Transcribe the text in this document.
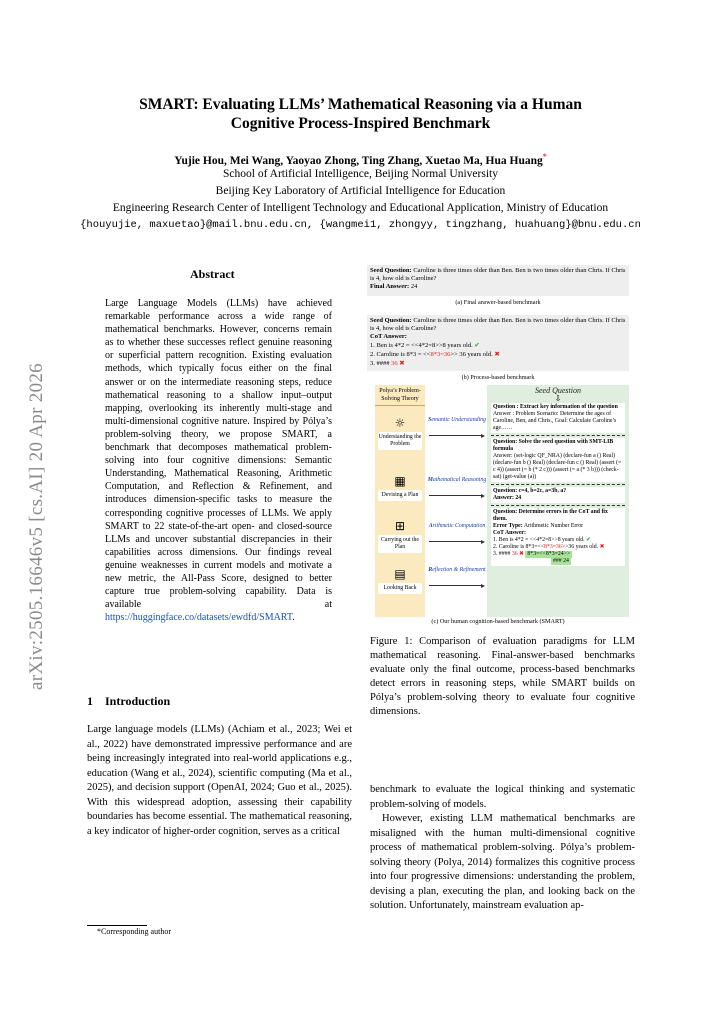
arXiv:2505.16646v5 [cs.AI] 20 Apr 2026
SMART: Evaluating LLMs’ Mathematical Reasoning via a Human
Cognitive Process-Inspired Benchmark
Yujie Hou, Mei Wang, Yaoyao Zhong, Ting Zhang, Xuetao Ma, Hua Huang*
School of Artificial Intelligence, Beijing Normal University
Beijing Key Laboratory of Artificial Intelligence for Education
Engineering Research Center of Intelligent Technology and Educational Application, Ministry of Education
{houyujie, maxuetao}@mail.bnu.edu.cn, {wangmei1, zhongyy, tingzhang, huahuang}@bnu.edu.cn
Abstract
Large Language Models (LLMs) have achieved remarkable performance across a wide range of mathematical benchmarks. However, concerns remain as to whether these successes reflect genuine reasoning or superficial pattern recognition. Existing evaluation methods, which typically focus either on the final answer or on the intermediate reasoning steps, reduce mathematical reasoning to a shallow input–output mapping, overlooking its inherently multi-stage and multi-dimensional cognitive nature. Inspired by Pólya’s problem-solving theory, we propose SMART, a benchmark that decomposes mathematical problem-solving into four cognitive dimensions: Semantic Understanding, Mathematical Reasoning, Arithmetic Computation, and Reflection & Refinement, and introduces dimension-specific tasks to measure the corresponding cognitive processes of LLMs. We apply SMART to 22 state-of-the-art open- and closed-source LLMs and uncover substantial discrepancies in their capabilities across dimensions. Our findings reveal genuine weaknesses in current models and motivate a new metric, the All-Pass Score, designed to better capture true problem-solving capability. Data is available at https://huggingface.co/datasets/ewdfd/SMART.
1 Introduction
Large language models (LLMs) (Achiam et al., 2023; Wei et al., 2022) have demonstrated impressive performance and are being increasingly integrated into real-world applications e.g., education (Wang et al., 2024), scientific computing (Ma et al., 2025), and decision support (OpenAI, 2024; Guo et al., 2025). With this widespread adoption, assessing their capability boundaries has become essential. The mathematical reasoning, a key indicator of higher-order cognition, serves as a critical
*Corresponding author
Seed Question: Caroline is three times older than Ben. Ben is two times older than Chris. If Chris is 4, how old is Caroline?
Final Answer: 24
(a) Final answer-based benchmark
Seed Question: Caroline is three times older than Ben. Ben is two times older than Chris. If Chris is 4, how old is Caroline?
CoT Answer:
1. Ben is 4*2 = <<4*2=8>>8 years old. ✔
2. Caroline is 8*3 = <<8*3=36>> 36 years old. ✖
3. #### 36 ✖
(b) Process-based benchmark
Polya’s Problem-Solving Theory
☼
Understanding the Problem
▦
Devising a Plan
⊞
Carrying out the Plan
▤
Looking Back
Semantic Understanding
Mathematical Reasoning
Arithmetic Computation
Reflection & Refinement
Seed Question
⇩
Question : Extract key information of the question
Answer : Problem Scenario: Determine the ages of Caroline, Ben, and Chris., Goal: Calculate Caroline’s age……
Question: Solve the seed question with SMT-LIB formula
Answer: (set-logic QF_NRA) (declare-fun a () Real) (declare-fun b () Real) (declare-fun c () Real) (assert (= c 4)) (assert (= b (* 2 c))) (assert (= a (* 3 b))) (check-sat) (get-value (a))
Question: c=4, b=2c, a=3b, a?
Answer: 24
Question: Determine errors in the CoT and fix them.
Error Type: Arithmetic Number Error
CoT Answer:
1. Ben is 4*2 = <<4*2=8>>8 years old. ✔
2. Caroline is 8*3=<<8*3=36>>36 years old. ✖
3. #### 36 ✖ 8*3=<<8*3=24>>
### 24
(c) Our human cognition-based benchmark (SMART)
Figure 1: Comparison of evaluation paradigms for LLM mathematical reasoning. Final-answer-based benchmarks evaluate only the final outcome, process-based benchmarks detect errors in reasoning steps, while SMART builds on Pólya’s problem-solving theory to evaluate four cognitive dimensions.

benchmark to evaluate the logical thinking and systematic problem-solving of models.

However, existing LLM mathematical benchmarks are misaligned with the human multi-dimensional cognitive process of mathematical problem-solving. Pólya’s problem-solving theory (Polya, 2014) formalizes this cognitive process into four progressive dimensions: understanding the problem, devising a plan, executing the plan, and looking back on the solution. Unfortunately, mainstream evaluation ap-
